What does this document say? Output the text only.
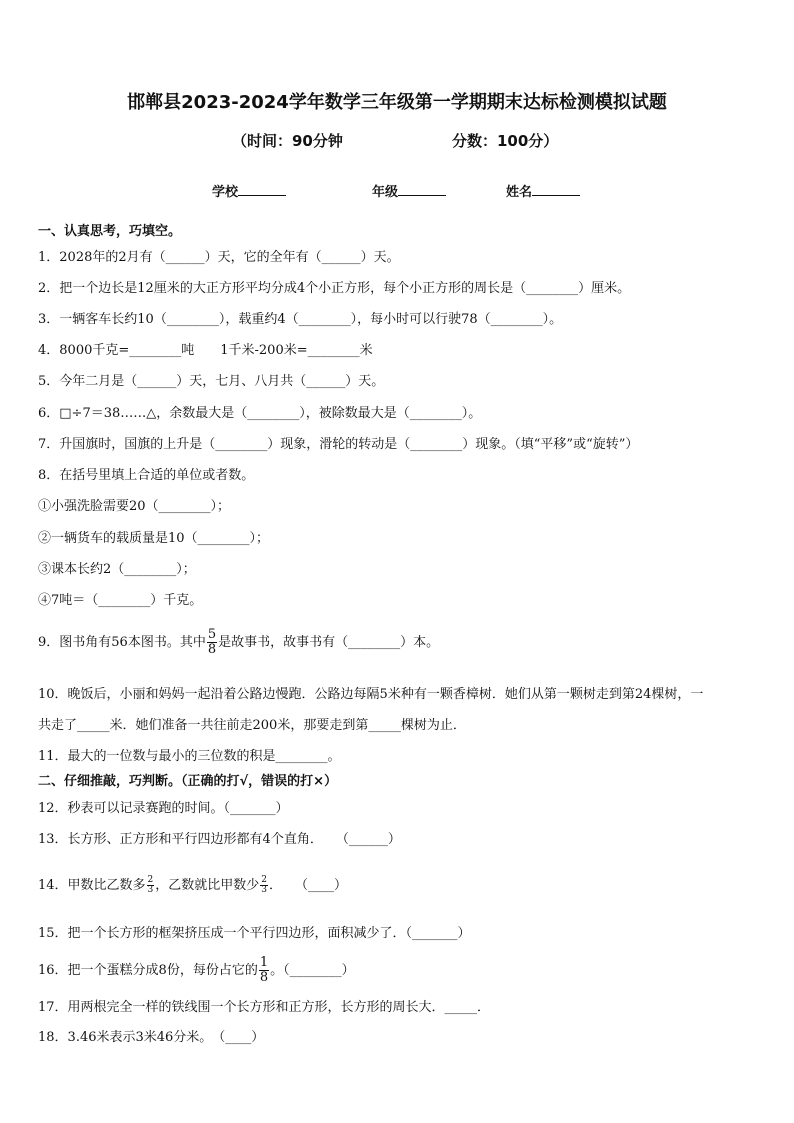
邯郸县2023-2024学年数学三年级第一学期期末达标检测模拟试题
（时间：90分钟	分数：100分）
学校	年级	姓名
一、认真思考，巧填空。
1．2028年的2月有（______）天，它的全年有（______）天。
2．把一个边长是12厘米的大正方形平均分成4个小正方形，每个小正方形的周长是（________）厘米。
3．一辆客车长约10（________），载重约4（________），每小时可以行驶78（________）。
4．8000千克=________吨　　1千米-200米=________米
5．今年二月是（______）天，七月、八月共（______）天。
6．□÷7＝38……△，余数最大是（________），被除数最大是（________）。
7．升国旗时，国旗的上升是（________）现象，滑轮的转动是（________）现象。（填“平移”或“旋转”）
8．在括号里填上合适的单位或者数。
①小强洗脸需要20（________）；
②一辆货车的载质量是10（________）；
③课本长约2（________）；
④7吨＝（________）千克。
9．图书角有56本图书。其中 $\frac{5}{8}$ 是故事书，故事书有（________）本。
10．晚饭后，小丽和妈妈一起沿着公路边慢跑．公路边每隔5米种有一颗香樟树．她们从第一颗树走到第24棵树，一
共走了_____米．她们准备一共往前走200米，那要走到第_____棵树为止．
11．最大的一位数与最小的三位数的积是________。
二、仔细推敲，巧判断。（正确的打√，错误的打×）
12．秒表可以记录赛跑的时间。（_______）
13．长方形、正方形和平行四边形都有4个直角．　　（______）
14．甲数比乙数多 $\frac{2}{3}$ ，乙数就比甲数少 $\frac{2}{3}$ ．　　（____）
15．把一个长方形的框架挤压成一个平行四边形，面积减少了．（_______）
16．把一个蛋糕分成8份，每份占它的 $\frac{1}{8}$ 。（________）
17．用两根完全一样的铁线围一个长方形和正方形，长方形的周长大．_____．
18．3.46米表示3米46分米。　（____）
